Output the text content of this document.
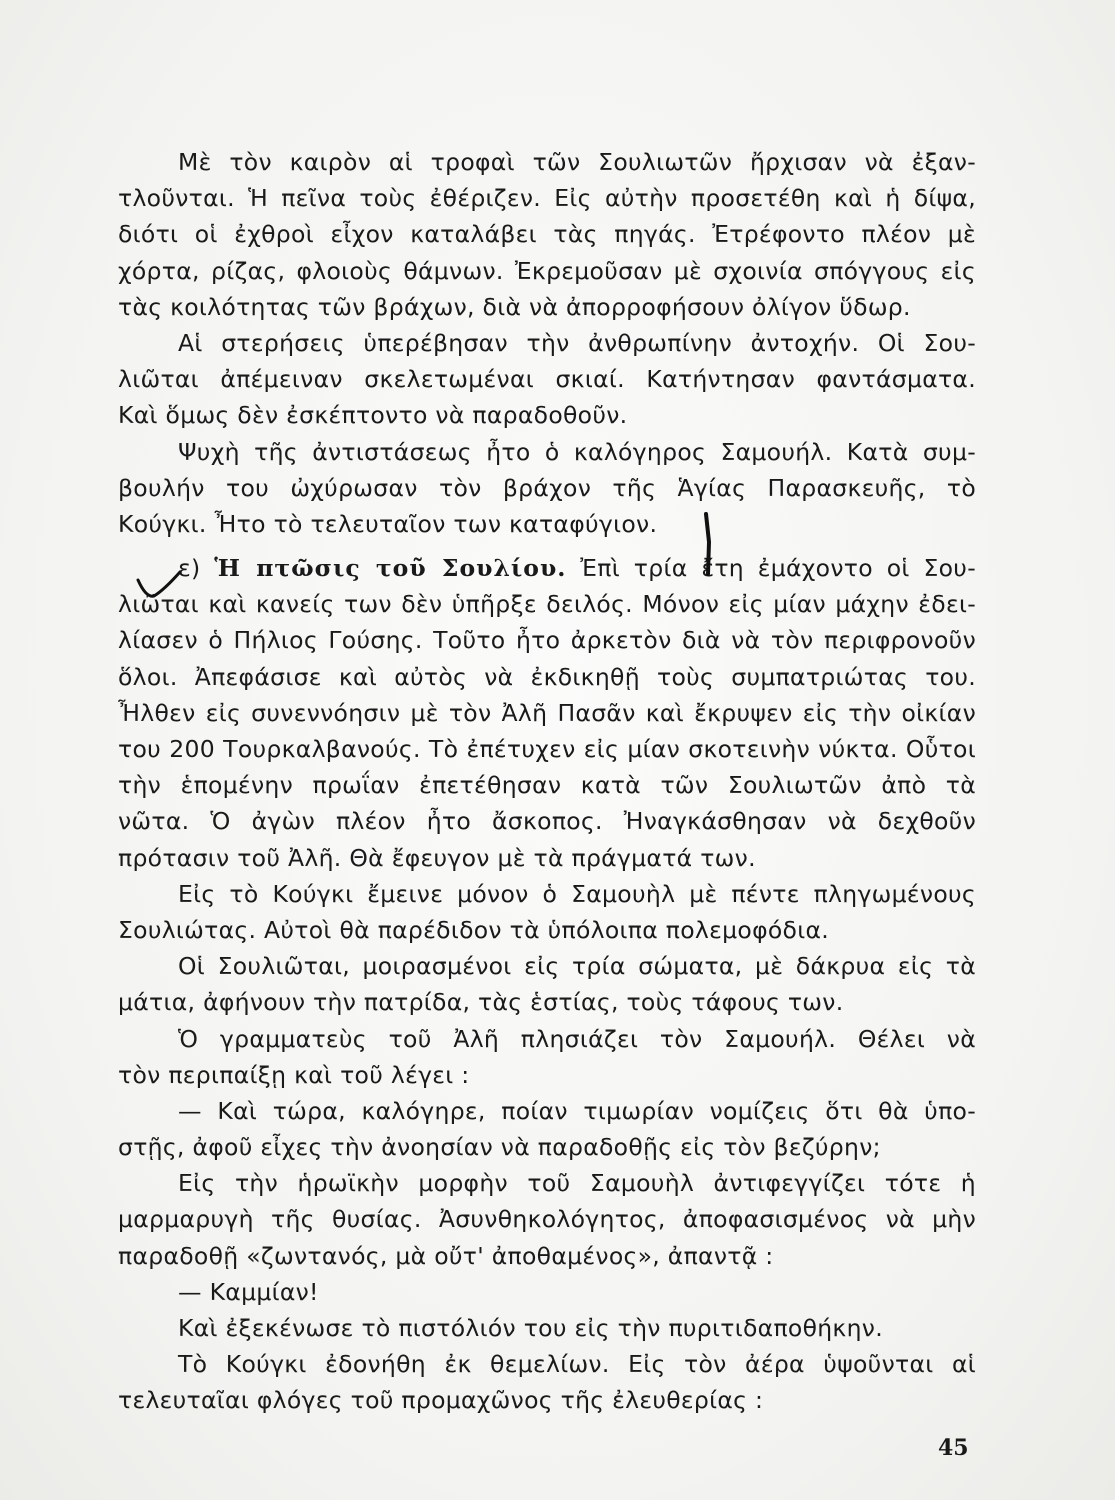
Μὲ τὸν καιρὸν αἱ τροφαὶ τῶν Σουλιωτῶν ἤρχισαν νὰ ἐξαν-
τλοῦνται. Ἡ πεῖνα τοὺς ἐθέριζεν. Εἰς αὐτὴν προσετέθη καὶ ἡ δίψα,
διότι οἱ ἐχθροὶ εἶχον καταλάβει τὰς πηγάς. Ἐτρέφοντο πλέον μὲ
χόρτα, ρίζας, φλοιοὺς θάμνων. Ἐκρεμοῦσαν μὲ σχοινία σπόγγους εἰς
τὰς κοιλότητας τῶν βράχων, διὰ νὰ ἀπορροφήσουν ὀλίγον ὕδωρ.
Αἱ στερήσεις ὑπερέβησαν τὴν ἀνθρωπίνην ἀντοχήν. Οἱ Σου-
λιῶται ἀπέμειναν σκελετωμέναι σκιαί. Κατήντησαν φαντάσματα.
Καὶ ὅμως δὲν ἐσκέπτοντο νὰ παραδοθοῦν.
Ψυχὴ τῆς ἀντιστάσεως ἦτο ὁ καλόγηρος Σαμουήλ. Κατὰ συμ-
βουλήν του ὠχύρωσαν τὸν βράχον τῆς Ἁγίας Παρασκευῆς, τὸ
Κούγκι. Ἦτο τὸ τελευταῖον των καταφύγιον.
ε) Ἡ πτῶσις τοῦ Σουλίου. Ἐπὶ τρία ἔτη ἐμάχοντο οἱ Σου-
λιῶται καὶ κανείς των δὲν ὑπῆρξε δειλός. Μόνον εἰς μίαν μάχην ἐδει-
λίασεν ὁ Πήλιος Γούσης. Τοῦτο ἦτο ἀρκετὸν διὰ νὰ τὸν περιφρονοῦν
ὅλοι. Ἀπεφάσισε καὶ αὐτὸς νὰ ἐκδικηθῇ τοὺς συμπατριώτας του.
Ἦλθεν εἰς συνεννόησιν μὲ τὸν Ἀλῆ Πασᾶν καὶ ἔκρυψεν εἰς τὴν οἰκίαν
του 200 Τουρκαλβανούς. Τὸ ἐπέτυχεν εἰς μίαν σκοτεινὴν νύκτα. Οὗτοι
τὴν ἑπομένην πρωΐαν ἐπετέθησαν κατὰ τῶν Σουλιωτῶν ἀπὸ τὰ
νῶτα. Ὁ ἀγὼν πλέον ἦτο ἄσκοπος. Ἠναγκάσθησαν νὰ δεχθοῦν
πρότασιν τοῦ Ἀλῆ. Θὰ ἔφευγον μὲ τὰ πράγματά των.
Εἰς τὸ Κούγκι ἔμεινε μόνον ὁ Σαμουὴλ μὲ πέντε πληγωμένους
Σουλιώτας. Αὐτοὶ θὰ παρέδιδον τὰ ὑπόλοιπα πολεμοφόδια.
Οἱ Σουλιῶται, μοιρασμένοι εἰς τρία σώματα, μὲ δάκρυα εἰς τὰ
μάτια, ἀφήνουν τὴν πατρίδα, τὰς ἑστίας, τοὺς τάφους των.
Ὁ γραμματεὺς τοῦ Ἀλῆ πλησιάζει τὸν Σαμουήλ. Θέλει νὰ
τὸν περιπαίξῃ καὶ τοῦ λέγει :
— Καὶ τώρα, καλόγηρε, ποίαν τιμωρίαν νομίζεις ὅτι θὰ ὑπο-
στῇς, ἀφοῦ εἶχες τὴν ἀνοησίαν νὰ παραδοθῇς εἰς τὸν βεζύρην;
Εἰς τὴν ἡρωϊκὴν μορφὴν τοῦ Σαμουὴλ ἀντιφεγγίζει τότε ἡ
μαρμαρυγὴ τῆς θυσίας. Ἀσυνθηκολόγητος, ἀποφασισμένος νὰ μὴν
παραδοθῇ «ζωντανός, μὰ οὔτ' ἀποθαμένος», ἀπαντᾷ :
— Καμμίαν!
Καὶ ἐξεκένωσε τὸ πιστόλιόν του εἰς τὴν πυριτιδαποθήκην.
Τὸ Κούγκι ἐδονήθη ἐκ θεμελίων. Εἰς τὸν ἀέρα ὑψοῦνται αἱ
τελευταῖαι φλόγες τοῦ προμαχῶνος τῆς ἐλευθερίας :
45
